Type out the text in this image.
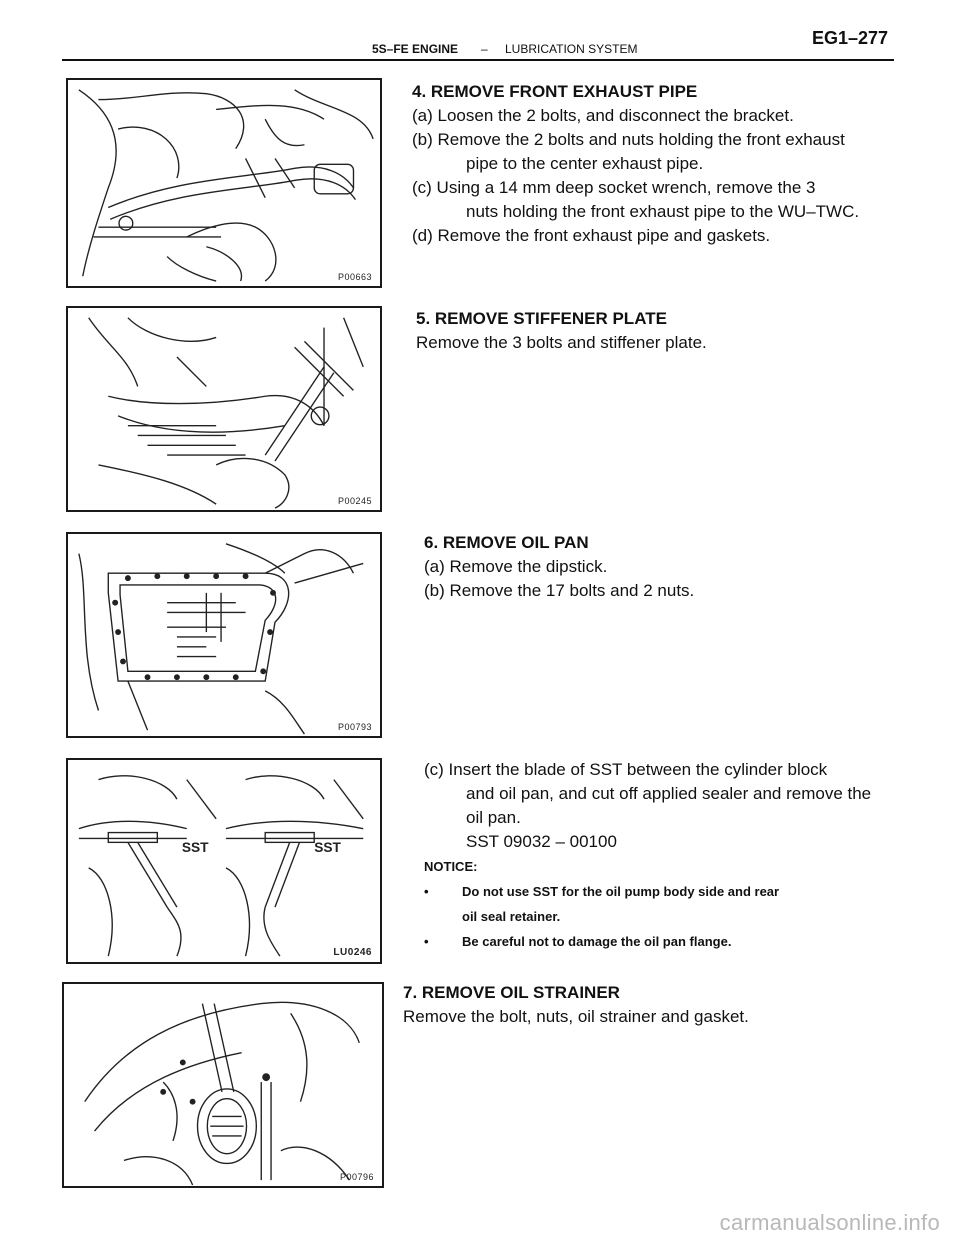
5S–FE ENGINE – LUBRICATION SYSTEM
EG1–277
P00663

4. REMOVE FRONT EXHAUST PIPE

(a) Loosen the 2 bolts, and disconnect the bracket.

(b) Remove the 2 bolts and nuts holding the front exhaust

pipe to the center exhaust pipe.

(c) Using a 14 mm deep socket wrench, remove the 3

nuts holding the front exhaust pipe to the WU–TWC.

(d) Remove the front exhaust pipe and gaskets.

P00245

5. REMOVE STIFFENER PLATE

Remove the 3 bolts and stiffener plate.

P00793

6. REMOVE OIL PAN

(a) Remove the dipstick.

(b) Remove the 17 bolts and 2 nuts.

SST	SST
LU0246

(c) Insert the blade of SST between the cylinder block

and oil pan, and cut off applied sealer and remove the

oil pan.

SST 09032 – 00100

NOTICE:

•	Do not use SST for the oil pump body side and rear
oil seal retainer.
•	Be careful not to damage the oil pan flange.
P00796

7. REMOVE OIL STRAINER

Remove the bolt, nuts, oil strainer and gasket.

carmanualsonline.info
